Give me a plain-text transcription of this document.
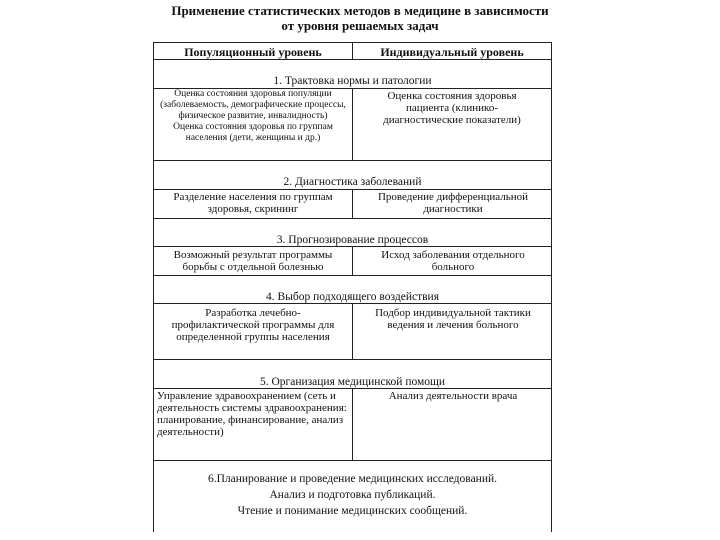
Применение статистических методов в медицине в зависимости
от уровня решаемых задач
Популяционный уровень	Индивидуальный уровень
1. Трактовка нормы и патологии
Оценка состояния здоровья популяции (заболеваемость, демографические процессы, физическое развитие, инвалидность)
Оценка состояния здоровья по группам населения (дети, женщины и др.)
Оценка состояния здоровья пациента (клинико-диагностические показатели)
2. Диагностика заболеваний
Разделение населения по группам здоровья, скрининг
Проведение дифференциальной диагностики
3. Прогнозирование процессов
Возможный результат программы борьбы с отдельной болезнью
Исход заболевания отдельного больного
4. Выбор подходящего воздействия
Разработка лечебно-профилактической программы для определенной группы населения
Подбор индивидуальной тактики ведения и лечения больного
5. Организация медицинской помощи
Управление здравоохранением (сеть и деятельность системы здравоохранения: планирование, финансирование, анализ деятельности)
Анализ деятельности врача
6.Планирование и проведение медицинских исследований.
Анализ и подготовка публикаций.
Чтение и понимание медицинских сообщений.
